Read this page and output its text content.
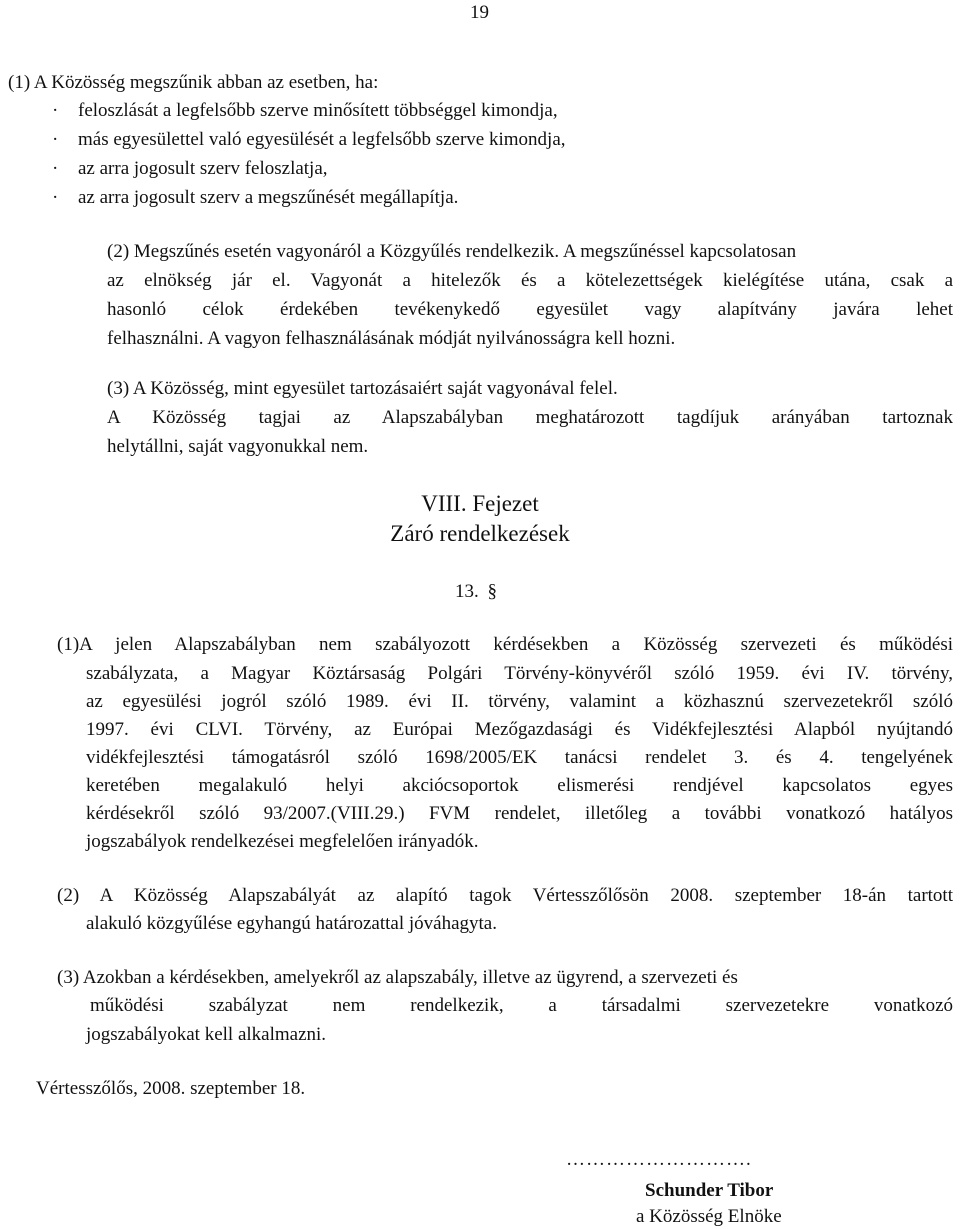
19
(1) A Közösség megszűnik abban az esetben, ha:
· feloszlását a legfelsőbb szerve minősített többséggel kimondja,
· más egyesülettel való egyesülését a legfelsőbb szerve kimondja,
· az arra jogosult szerv feloszlatja,
· az arra jogosult szerv a megszűnését megállapítja.
(2) Megszűnés esetén vagyonáról a Közgyűlés rendelkezik. A megszűnéssel kapcsolatosan
az elnökség jár el. Vagyonát a hitelezők és a kötelezettségek kielégítése utána, csak a
hasonló célok érdekében tevékenykedő egyesület vagy alapítvány javára lehet
felhasználni. A vagyon felhasználásának módját nyilvánosságra kell hozni.
(3) A Közösség, mint egyesület tartozásaiért saját vagyonával felel.
A Közösség tagjai az Alapszabályban meghatározott tagdíjuk arányában tartoznak
helytállni, saját vagyonukkal nem.
VIII. Fejezet
Záró rendelkezések
13. §
(1)A jelen Alapszabályban nem szabályozott kérdésekben a Közösség szervezeti és működési
szabályzata, a Magyar Köztársaság Polgári Törvény-könyvéről szóló 1959. évi IV. törvény,
az egyesülési jogról szóló 1989. évi II. törvény, valamint a közhasznú szervezetekről szóló
1997. évi CLVI. Törvény, az Európai Mezőgazdasági és Vidékfejlesztési Alapból nyújtandó
vidékfejlesztési támogatásról szóló 1698/2005/EK tanácsi rendelet 3. és 4. tengelyének
keretében megalakuló helyi akciócsoportok elismerési rendjével kapcsolatos egyes
kérdésekről szóló 93/2007.(VIII.29.) FVM rendelet, illetőleg a további vonatkozó hatályos
jogszabályok rendelkezései megfelelően irányadók.
(2) A Közösség Alapszabályát az alapító tagok Vértesszőlősön 2008. szeptember 18-án tartott
alakuló közgyűlése egyhangú határozattal jóváhagyta.
(3) Azokban a kérdésekben, amelyekről az alapszabály, illetve az ügyrend, a szervezeti és
működési szabályzat nem rendelkezik, a társadalmi szervezetekre vonatkozó
jogszabályokat kell alkalmazni.
Vértesszőlős, 2008. szeptember 18.
……………………….
Schunder Tibor
a Közösség Elnöke
